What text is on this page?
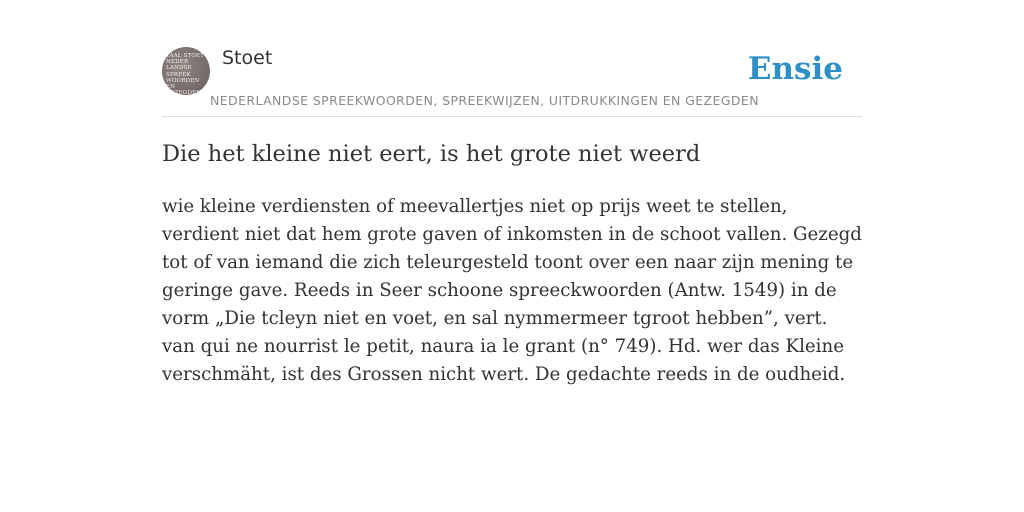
TAAL STOET
NEDER
LANDSE
SPREEK
WOORDEN EN
GEZEGDEN
Stoet
NEDERLANDSE SPREEKWOORDEN, SPREEKWIJZEN, UITDRUKKINGEN EN GEZEGDEN
Ensie
Die het kleine niet eert, is het grote niet weerd

wie kleine verdiensten of meevallertjes niet op prijs weet te stellen, verdient niet dat hem grote gaven of inkomsten in de schoot vallen. Gezegd tot of van iemand die zich teleurgesteld toont over een naar zijn mening te geringe gave. Reeds in Seer schoone spreeckwoorden (Antw. 1549) in de vorm „Die tcleyn niet en voet, en sal nymmermeer tgroot hebben”, vert. van qui ne nourrist le petit, naura ia le grant (n° 749). Hd. wer das Kleine verschmäht, ist des Grossen nicht wert. De gedachte reeds in de oudheid.
